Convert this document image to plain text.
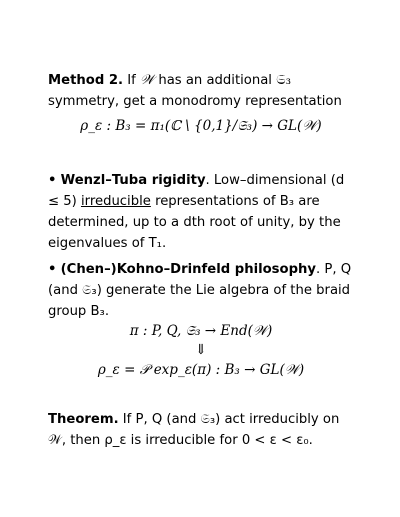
Method 2. If 𝒲 has an additional 𝔖₃ symmetry, get a monodromy representation
ρ_ε : B₃ = π₁(ℂ \ {0,1}/𝔖₃) → GL(𝒲)
• Wenzl–Tuba rigidity. Low–dimensional (d ≤ 5) irreducible representations of B₃ are determined, up to a dth root of unity, by the eigenvalues of T₁.
• (Chen–)Kohno–Drinfeld philosophy. P, Q (and 𝔖₃) generate the Lie algebra of the braid group B₃.
π : P, Q, 𝔖₃ → End(𝒲)
⇓
ρ_ε = 𝒫 exp_ε(π) : B₃ → GL(𝒲)
Theorem. If P, Q (and 𝔖₃) act irreducibly on 𝒲, then ρ_ε is irreducible for 0 < ε < ε₀.
